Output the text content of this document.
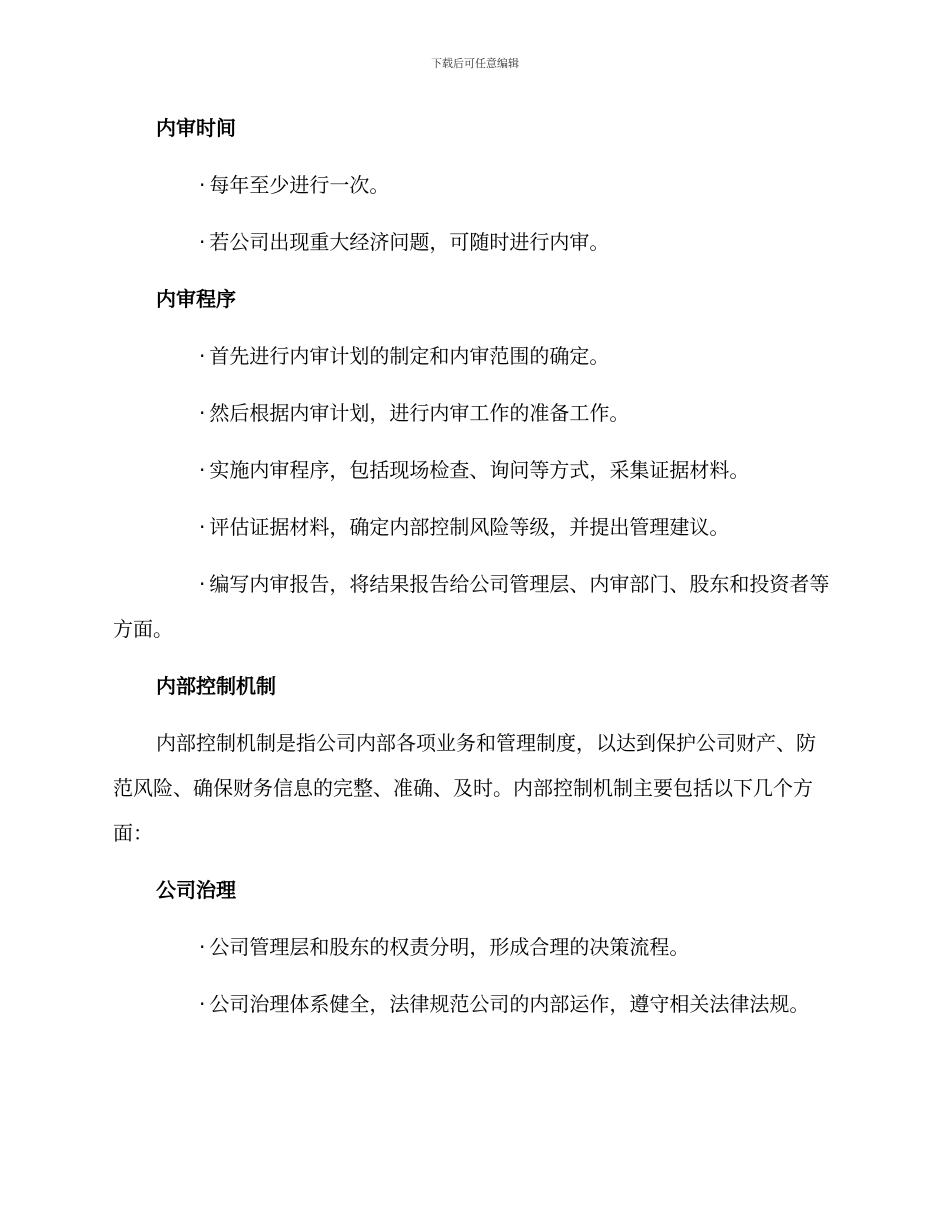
下载后可任意编辑
内审时间
· 每年至少进行一次。
· 若公司出现重大经济问题，可随时进行内审。
内审程序
· 首先进行内审计划的制定和内审范围的确定。
· 然后根据内审计划，进行内审工作的准备工作。
· 实施内审程序，包括现场检查、询问等方式，采集证据材料。
· 评估证据材料，确定内部控制风险等级，并提出管理建议。
· 编写内审报告，将结果报告给公司管理层、内审部门、股东和投资者等方面。
内部控制机制
内部控制机制是指公司内部各项业务和管理制度，以达到保护公司财产、防范风险、确保财务信息的完整、准确、及时。内部控制机制主要包括以下几个方面：
公司治理
· 公司管理层和股东的权责分明，形成合理的决策流程。
· 公司治理体系健全，法律规范公司的内部运作，遵守相关法律法规。
